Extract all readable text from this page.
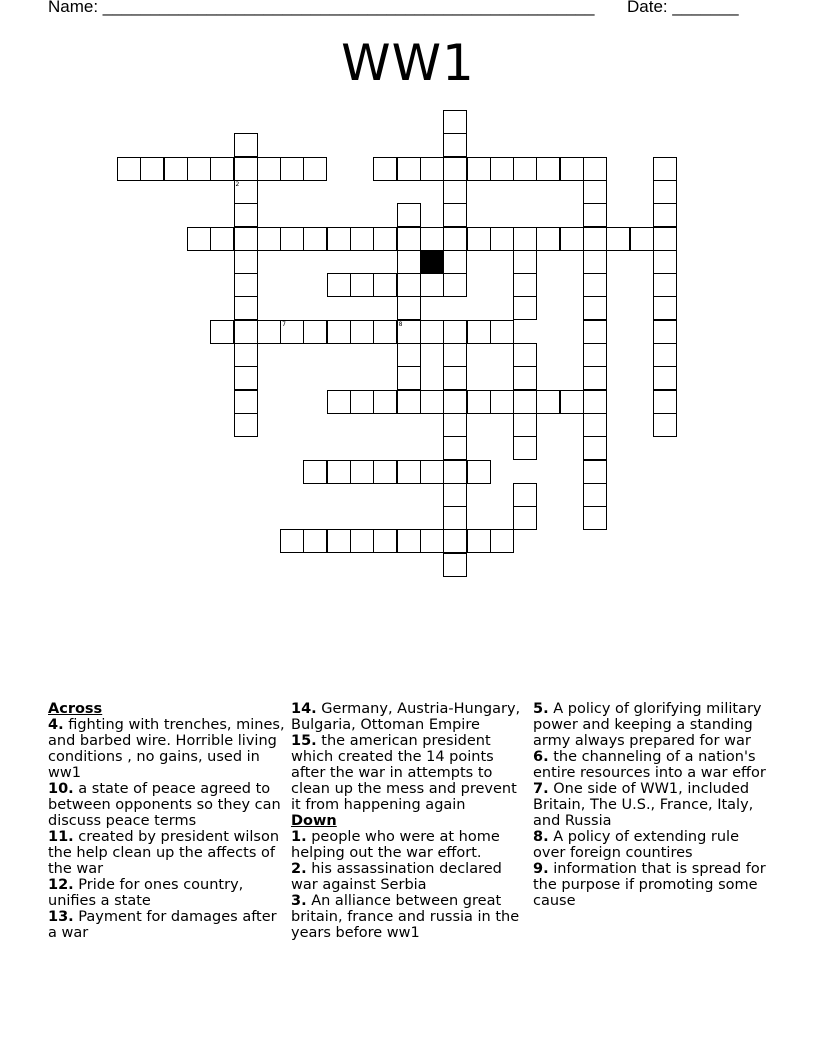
Name: ____________________________________________________ Date: _______
WW1
7	8
2
Across
4. fighting with trenches, mines, and barbed wire. Horrible living conditions , no gains, used in ww1
10. a state of peace agreed to between opponents so they can discuss peace terms
11. created by president wilson the help clean up the affects of the war
12. Pride for ones country, unifies a state
13. Payment for damages after a war
14. Germany, Austria-Hungary, Bulgaria, Ottoman Empire
15. the american president which created the 14 points after the war in attempts to clean up the mess and prevent it from happening again
Down
1. people who were at home helping out the war effort.
2. his assassination declared war against Serbia
3. An alliance between great britain, france and russia in the years before ww1
5. A policy of glorifying military power and keeping a standing army always prepared for war
6. the channeling of a nation's entire resources into a war effor
7. One side of WW1, included Britain, The U.S., France, Italy, and Russia
8. A policy of extending rule over foreign countires
9. information that is spread for the purpose if promoting some cause
